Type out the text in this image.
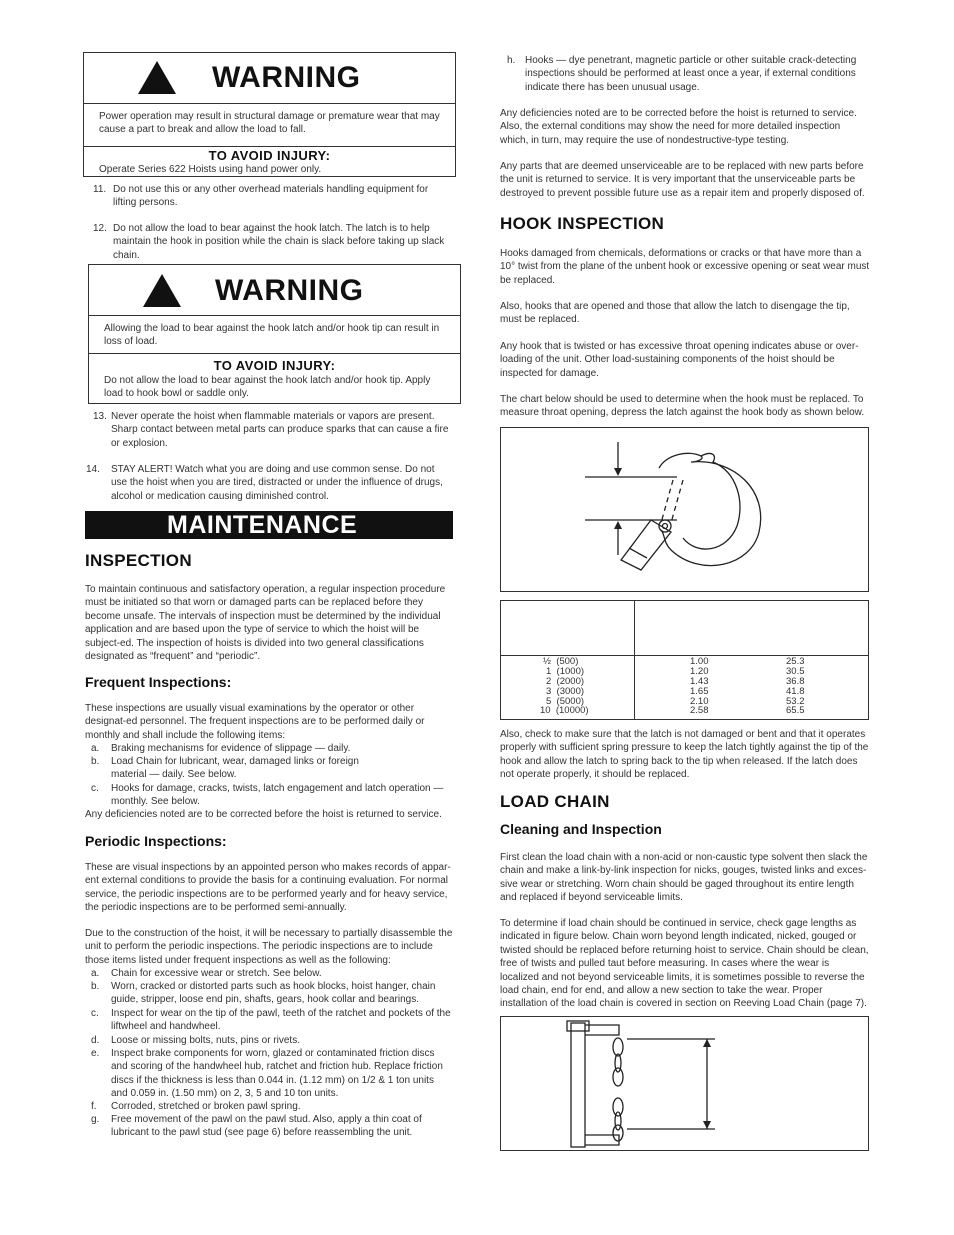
WARNING
Power operation may result in structural damage or premature wear that may cause a part to break and allow the load to fall.
TO AVOID INJURY:
Operate Series 622 Hoists using hand power only.
11. Do not use this or any other overhead materials handling equipment for lifting persons.
12. Do not allow the load to bear against the hook latch. The latch is to help maintain the hook in position while the chain is slack before taking up slack chain.
WARNING
Allowing the load to bear against the hook latch and/or hook tip can result in loss of load.
TO AVOID INJURY:
Do not allow the load to bear against the hook latch and/or hook tip. Apply load to hook bowl or saddle only.
13. Never operate the hoist when flammable materials or vapors are present. Sharp contact between metal parts can produce sparks that can cause a fire or explosion.
14.	STAY ALERT! Watch what you are doing and use common sense. Do not use the hoist when you are tired, distracted or under the influence of drugs, alcohol or medication causing diminished control.
MAINTENANCE
INSPECTION
To maintain continuous and satisfactory operation, a regular inspection procedure must be initiated so that worn or damaged parts can be replaced before they become unsafe. The intervals of inspection must be determined by the individual application and are based upon the type of service to which the hoist will be subject-ed. The inspection of hoists is divided into two general classifications designated as “frequent” and “periodic”.
Frequent Inspections:
These inspections are usually visual examinations by the operator or other designat-ed personnel. The frequent inspections are to be performed daily or monthly and shall include the following items:
a.	Braking mechanisms for evidence of slippage — daily.
b.	Load Chain for lubricant, wear, damaged links or foreign material — daily. See below.
c.	Hooks for damage, cracks, twists, latch engagement and latch operation — monthly. See below.
Any deficiencies noted are to be corrected before the hoist is returned to service.
Periodic Inspections:
These are visual inspections by an appointed person who makes records of appar-ent external conditions to provide the basis for a continuing evaluation. For normal service, the periodic inspections are to be performed yearly and for heavy service, the periodic inspections are to be performed semi-annually.
Due to the construction of the hoist, it will be necessary to partially disassemble the unit to perform the periodic inspections. The periodic inspections are to include those items listed under frequent inspections as well as the following:
a.	Chain for excessive wear or stretch. See below.
b.	Worn, cracked or distorted parts such as hook blocks, hoist hanger, chain guide, stripper, loose end pin, shafts, gears, hook collar and bearings.
c.	Inspect for wear on the tip of the pawl, teeth of the ratchet and pockets of the liftwheel and handwheel.
d.	Loose or missing bolts, nuts, pins or rivets.
e.	Inspect brake components for worn, glazed or contaminated friction discs and scoring of the handwheel hub, ratchet and friction hub. Replace friction discs if the thickness is less than 0.044 in. (1.12 mm) on 1/2 & 1 ton units and 0.059 in. (1.50 mm) on 2, 3, 5 and 10 ton units.
f.	Corroded, stretched or broken pawl spring.
g.	Free movement of the pawl on the pawl stud. Also, apply a thin coat of lubricant to the pawl stud (see page 6) before reassembling the unit.
h. Hooks — dye penetrant, magnetic particle or other suitable crack-detecting inspections should be performed at least once a year, if external conditions indicate there has been unusual usage.
Any deficiencies noted are to be corrected before the hoist is returned to service. Also, the external conditions may show the need for more detailed inspection which, in turn, may require the use of nondestructive-type testing.
Any parts that are deemed unserviceable are to be replaced with new parts before the unit is returned to service. It is very important that the unserviceable parts be destroyed to prevent possible future use as a repair item and properly disposed of.
HOOK INSPECTION
Hooks damaged from chemicals, deformations or cracks or that have more than a 10° twist from the plane of the unbent hook or excessive opening or seat wear must be replaced.
Also, hooks that are opened and those that allow the latch to disengage the tip, must be replaced.
Any hook that is twisted or has excessive throat opening indicates abuse or over-loading of the unit. Other load-sustaining components of the hoist should be inspected for damage.
The chart below should be used to determine when the hook must be replaced. To measure throat opening, depress the latch against the hook body as shown below.
½  (500)	1.00	25.3
1  (1000)	1.20	30.5
2  (2000)	1.43	36.8
3  (3000)	1.65	41.8
5  (5000)	2.10	53.2
10  (10000)	2.58	65.5
Also, check to make sure that the latch is not damaged or bent and that it operates properly with sufficient spring pressure to keep the latch tightly against the tip of the hook and allow the latch to spring back to the tip when released. If the latch does not operate properly, it should be replaced.
LOAD CHAIN
Cleaning and Inspection
First clean the load chain with a non-acid or non-caustic type solvent then slack the chain and make a link-by-link inspection for nicks, gouges, twisted links and exces-sive wear or stretching. Worn chain should be gaged throughout its entire length and replaced if beyond serviceable limits.
To determine if load chain should be continued in service, check gage lengths as indicated in figure below. Chain worn beyond length indicated, nicked, gouged or twisted should be replaced before returning hoist to service. Chain should be clean, free of twists and pulled taut before measuring. In cases where the wear is localized and not beyond serviceable limits, it is sometimes possible to reverse the load chain, end for end, and allow a new section to take the wear. Proper installation of the load chain is covered in section on Reeving Load Chain (page 7).
